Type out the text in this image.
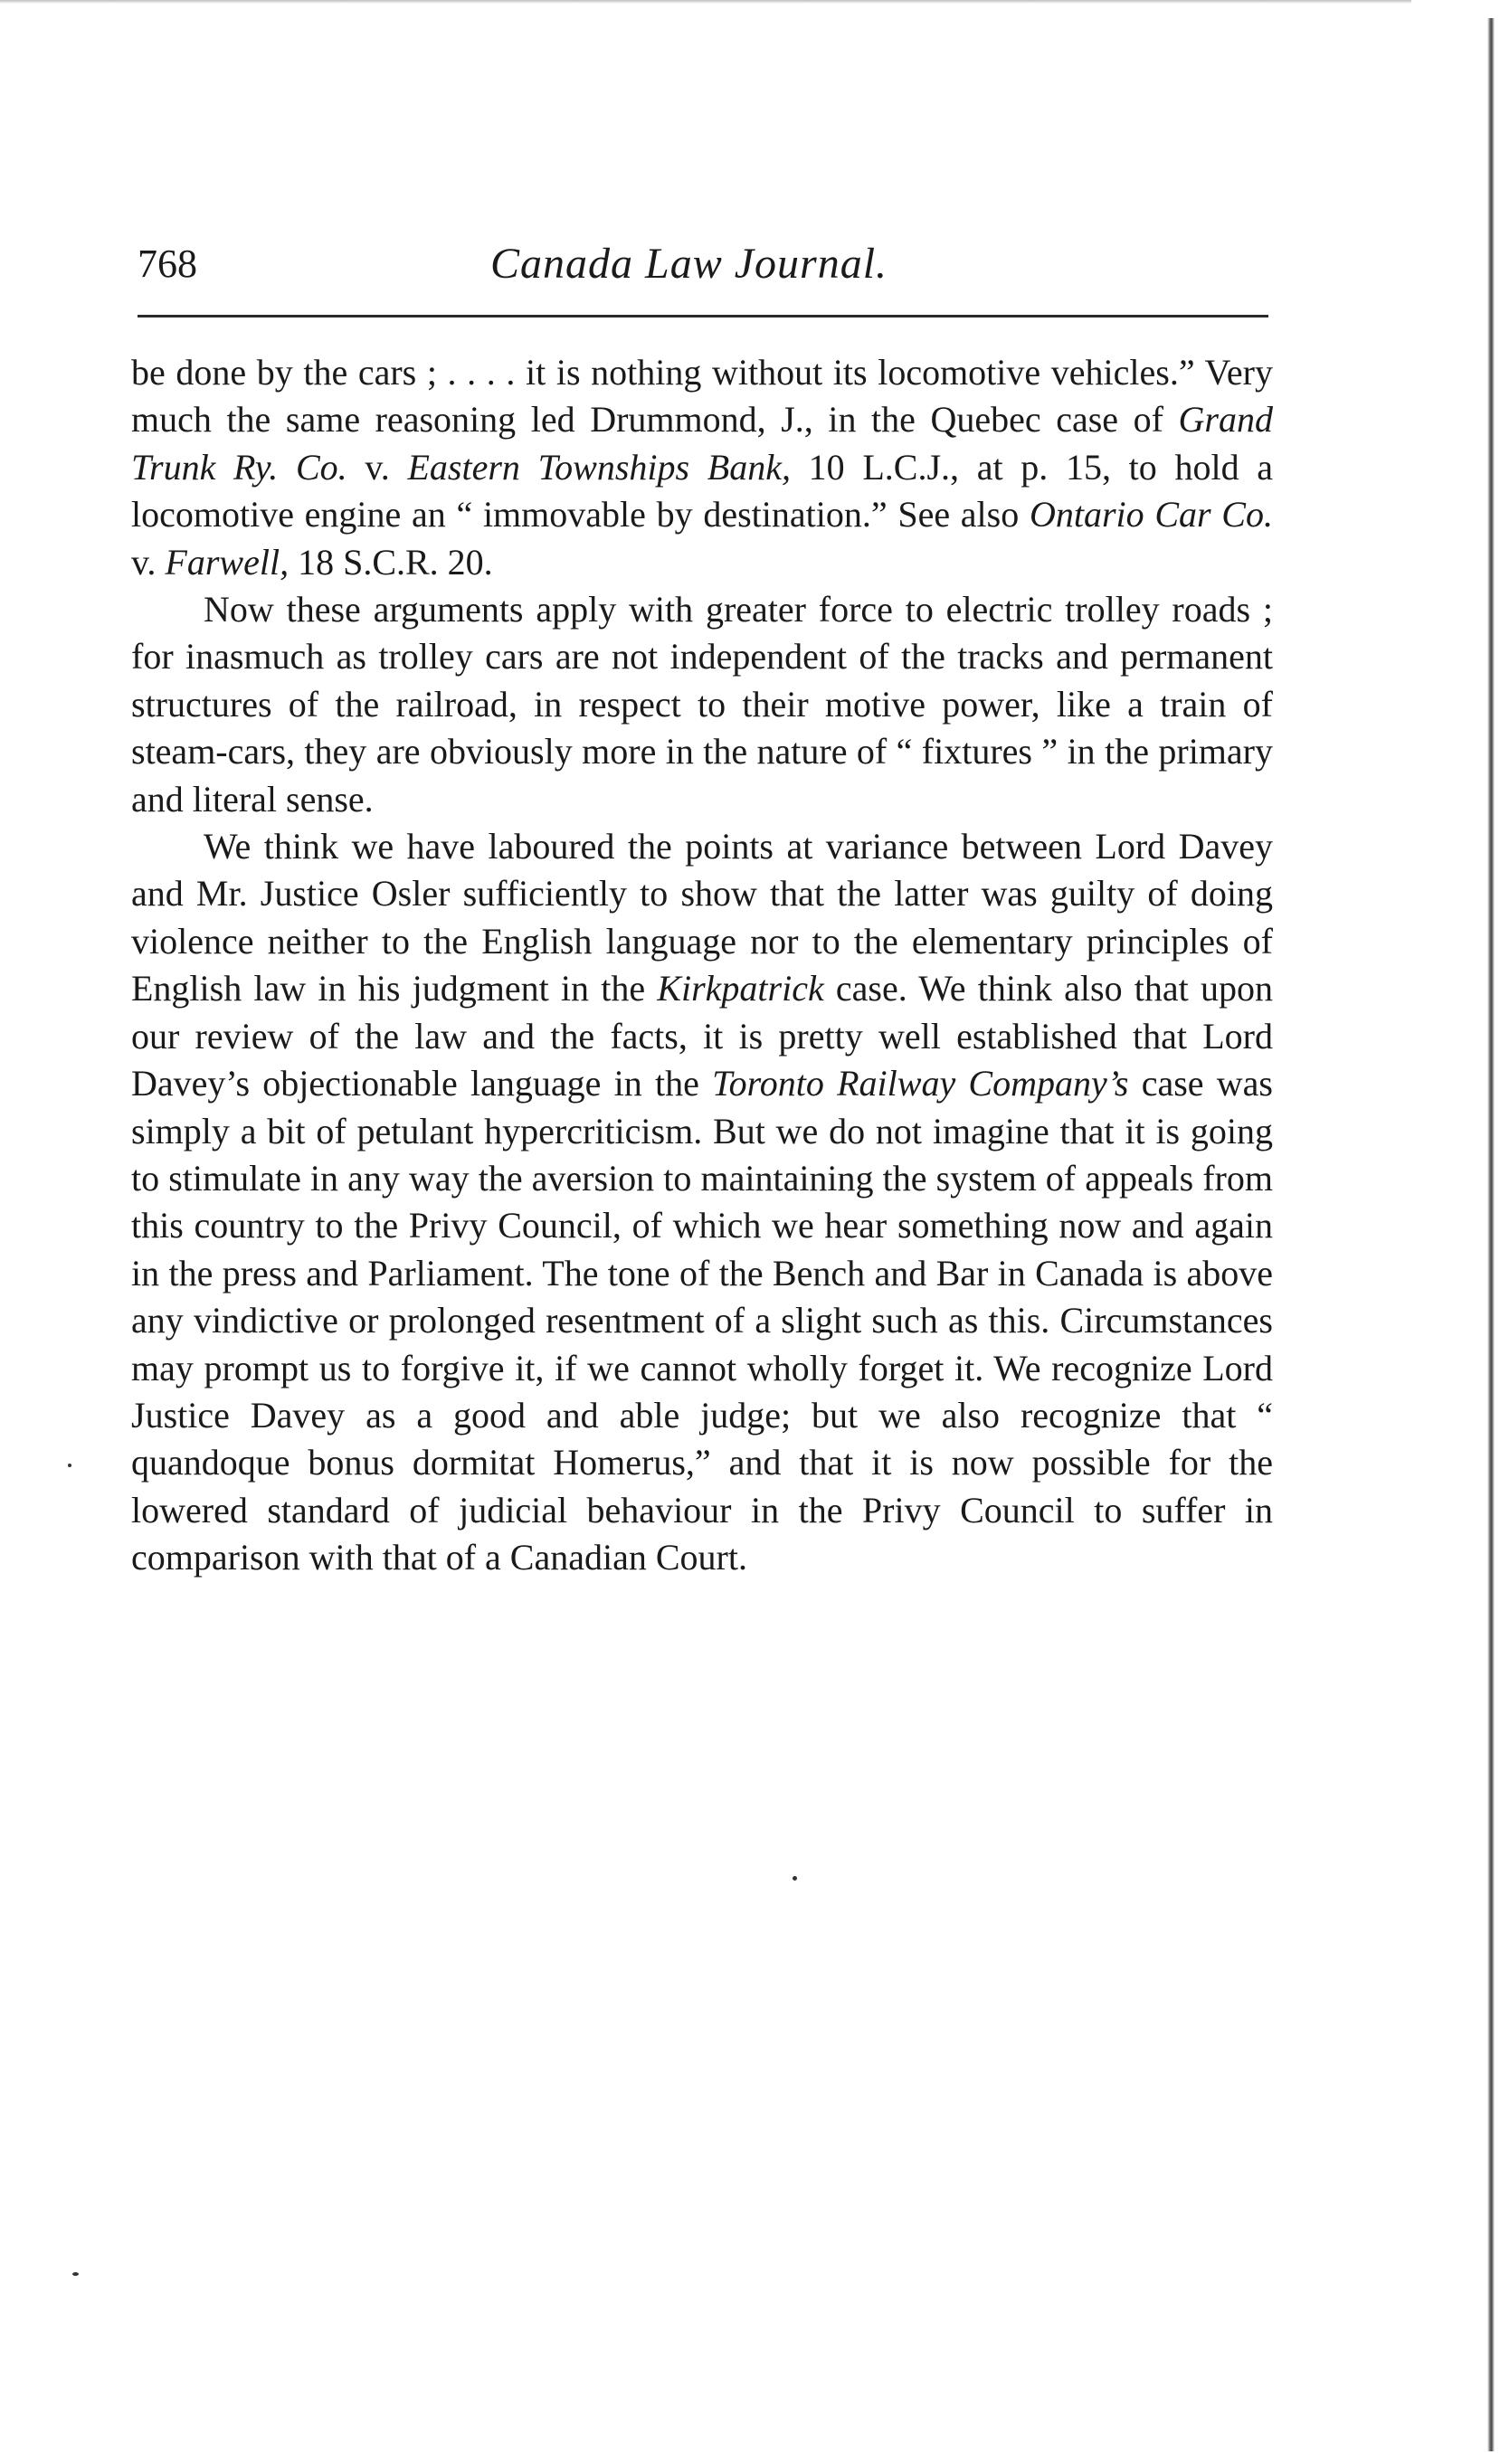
768	Canada Law Journal.

be done by the cars ; . . . . it is nothing without its locomotive vehicles.” Very much the same reasoning led Drummond, J., in the Quebec case of Grand Trunk Ry. Co. v. Eastern Townships Bank, 10 L.C.J., at p. 15, to hold a locomotive engine an “ immovable by destination.” See also Ontario Car Co. v. Farwell, 18 S.C.R. 20.

Now these arguments apply with greater force to electric trolley roads ; for inasmuch as trolley cars are not independent of the tracks and permanent structures of the railroad, in respect to their motive power, like a train of steam-cars, they are obviously more in the nature of “ fixtures ” in the primary and literal sense.

We think we have laboured the points at variance between Lord Davey and Mr. Justice Osler sufficiently to show that the latter was guilty of doing violence neither to the English language nor to the elementary principles of English law in his judgment in the Kirkpatrick case. We think also that upon our review of the law and the facts, it is pretty well established that Lord Davey’s objectionable language in the Toronto Railway Company’s case was simply a bit of petulant hypercriticism. But we do not imagine that it is going to stimulate in any way the aversion to maintaining the system of appeals from this country to the Privy Council, of which we hear something now and again in the press and Parliament. The tone of the Bench and Bar in Canada is above any vindictive or prolonged resentment of a slight such as this. Circumstances may prompt us to forgive it, if we cannot wholly forget it. We recognize Lord Justice Davey as a good and able judge; but we also recognize that “ quandoque bonus dormitat Homerus,” and that it is now possible for the lowered standard of judicial behaviour in the Privy Council to suffer in comparison with that of a Canadian Court.
